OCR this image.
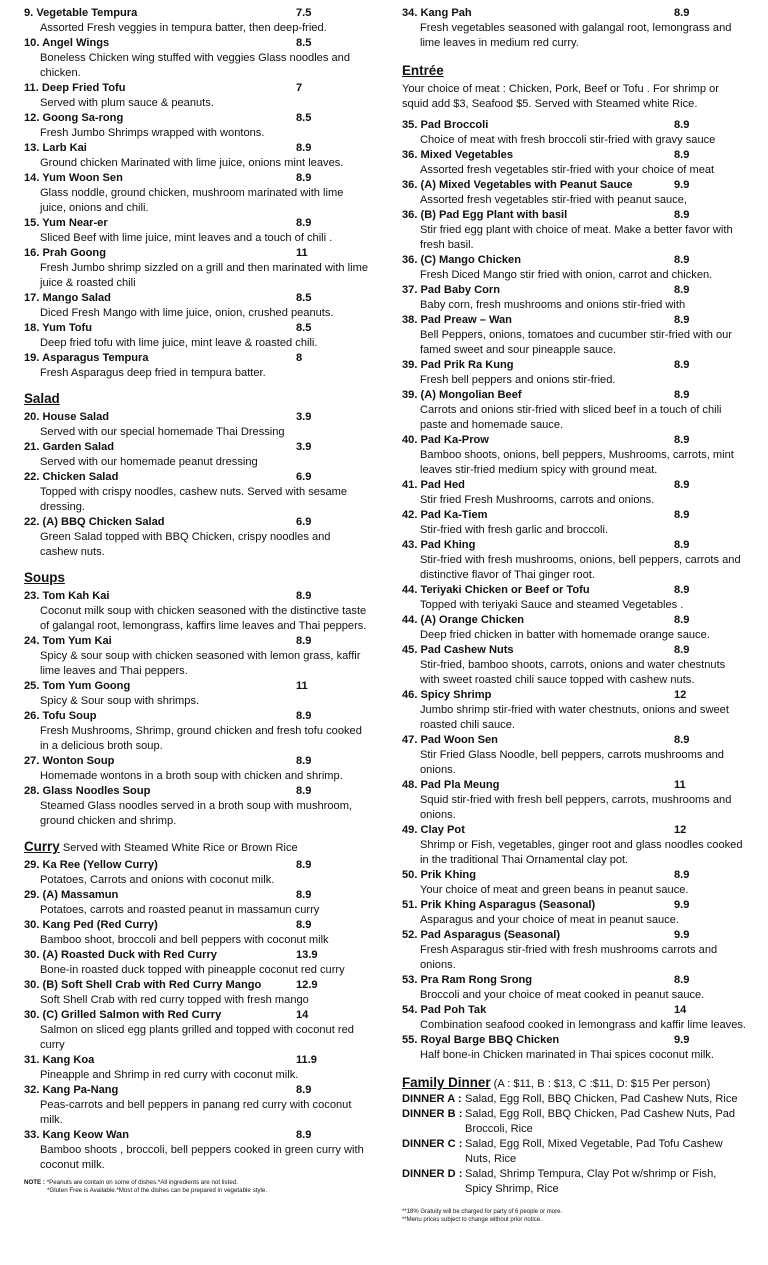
9. Vegetable Tempura	7.5
Assorted Fresh veggies in tempura batter, then deep-fried.
10. Angel Wings	8.5
Boneless Chicken wing stuffed with veggies Glass noodles and chicken.
11. Deep Fried Tofu	7
Served with plum sauce & peanuts.
12. Goong Sa-rong	8.5
Fresh Jumbo Shrimps wrapped with wontons.
13. Larb Kai	8.9
Ground chicken Marinated with lime juice, onions mint leaves.
14. Yum Woon Sen	8.9
Glass noddle, ground chicken, mushroom marinated with lime juice, onions and chili.
15. Yum Near-er	8.9
Sliced Beef with lime juice, mint leaves and a touch of chili .
16. Prah Goong	11
Fresh Jumbo shrimp sizzled on a grill and then marinated with lime juice & roasted chili
17. Mango Salad	8.5
Diced Fresh Mango with lime juice, onion, crushed peanuts.
18. Yum Tofu	8.5
Deep fried tofu with lime juice, mint leave & roasted chili.
19. Asparagus Tempura	8
Fresh Asparagus deep fried in tempura batter.
Salad
20. House Salad	3.9
Served with our special homemade Thai Dressing
21. Garden Salad	3.9
Served with our homemade peanut dressing
22. Chicken Salad	6.9
Topped with crispy noodles, cashew nuts. Served with sesame dressing.
22. (A) BBQ Chicken Salad	6.9
Green Salad topped with BBQ Chicken, crispy noodles and cashew nuts.
Soups
23. Tom Kah Kai	8.9
Coconut milk soup with chicken seasoned with the distinctive taste of galangal root, lemongrass, kaffirs lime leaves and Thai peppers.
24. Tom Yum Kai	8.9
Spicy & sour soup with chicken seasoned with lemon grass, kaffir lime leaves and Thai peppers.
25. Tom Yum Goong	11
Spicy & Sour soup with shrimps.
26. Tofu Soup	8.9
Fresh Mushrooms, Shrimp, ground chicken and fresh tofu cooked in a delicious broth soup.
27. Wonton Soup	8.9
Homemade wontons in a broth soup with chicken and shrimp.
28. Glass Noodles Soup	8.9
Steamed Glass noodles served in a broth soup with mushroom, ground chicken and shrimp.
Curry Served with Steamed White Rice or Brown Rice
29. Ka Ree (Yellow Curry)	8.9
Potatoes, Carrots and onions with coconut milk.
29. (A) Massamun	8.9
Potatoes, carrots and roasted peanut in massamun curry
30. Kang Ped (Red Curry)	8.9
Bamboo shoot, broccoli and bell peppers with coconut milk
30. (A) Roasted Duck with Red Curry	13.9
Bone-in roasted duck topped with pineapple coconut red curry
30. (B) Soft Shell Crab with Red Curry Mango	12.9
Soft Shell Crab with red curry topped with fresh mango
30. (C) Grilled Salmon with Red Curry	14
Salmon on sliced egg plants grilled and topped with coconut red curry
31. Kang Koa	11.9
Pineapple and Shrimp in red curry with coconut milk.
32. Kang Pa-Nang	8.9
Peas-carrots and bell peppers in panang red curry with coconut milk.
33. Kang Keow Wan	8.9
Bamboo shoots , broccoli, bell peppers cooked in green curry with coconut milk.
NOTE : *Peanuts are contain on some of dishes.*All ingredients are not listed.
*Gluten Free is Available.*Most of the dishes can be prepared in vegetable style.
34. Kang Pah	8.9
Fresh vegetables seasoned with galangal root, lemongrass and lime leaves in medium red curry.
Entrée
Your choice of meat : Chicken, Pork, Beef or Tofu . For shrimp or squid add $3, Seafood $5. Served with Steamed white Rice.
35. Pad Broccoli	8.9
Choice of meat with fresh broccoli stir-fried with gravy sauce
36. Mixed Vegetables	8.9
Assorted fresh vegetables stir-fried with your choice of meat
36. (A) Mixed Vegetables with Peanut Sauce	9.9
Assorted fresh vegetables stir-fried with peanut sauce,
36. (B) Pad Egg Plant with basil	8.9
Stir fried egg plant with choice of meat. Make a better favor with fresh basil.
36. (C) Mango Chicken	8.9
Fresh Diced Mango stir fried with onion, carrot and chicken.
37. Pad Baby Corn	8.9
Baby corn, fresh mushrooms and onions stir-fried with
38. Pad Preaw – Wan	8.9
Bell Peppers, onions, tomatoes and cucumber stir-fried with our famed sweet and sour pineapple sauce.
39. Pad Prik Ra Kung	8.9
Fresh bell peppers and onions stir-fried.
39. (A) Mongolian Beef	8.9
Carrots and onions stir-fried with sliced beef in a touch of chili paste and homemade sauce.
40. Pad Ka-Prow	8.9
Bamboo shoots, onions, bell peppers, Mushrooms, carrots, mint leaves stir-fried medium spicy with ground meat.
41. Pad Hed	8.9
Stir fried Fresh Mushrooms, carrots and onions.
42. Pad Ka-Tiem	8.9
Stir-fried with fresh garlic and broccoli.
43. Pad Khing	8.9
Stir-fried with fresh mushrooms, onions, bell peppers, carrots and distinctive flavor of Thai ginger root.
44. Teriyaki Chicken or Beef or Tofu	8.9
Topped with teriyaki Sauce and steamed Vegetables .
44. (A) Orange Chicken	8.9
Deep fried chicken in batter with homemade orange sauce.
45. Pad Cashew Nuts	8.9
Stir-fried, bamboo shoots, carrots, onions and water chestnuts with sweet roasted chili sauce topped with cashew nuts.
46. Spicy Shrimp	12
Jumbo shrimp stir-fried with water chestnuts, onions and sweet roasted chili sauce.
47. Pad Woon Sen	8.9
Stir Fried Glass Noodle, bell peppers, carrots mushrooms and onions.
48. Pad Pla Meung	11
Squid stir-fried with fresh bell peppers, carrots, mushrooms and onions.
49. Clay Pot	12
Shrimp or Fish, vegetables, ginger root and glass noodles cooked in the traditional Thai Ornamental clay pot.
50. Prik Khing	8.9
Your choice of meat and green beans in peanut sauce.
51. Prik Khing Asparagus (Seasonal)	9.9
Asparagus and your choice of meat in peanut sauce.
52. Pad Asparagus (Seasonal)	9.9
Fresh Asparagus stir-fried with fresh mushrooms carrots and onions.
53. Pra Ram Rong Srong	8.9
Broccoli and your choice of meat cooked in peanut sauce.
54. Pad Poh Tak	14
Combination seafood cooked in lemongrass and kaffir lime leaves.
55. Royal Barge BBQ Chicken	9.9
Half bone-in Chicken marinated in Thai spices coconut milk.
Family Dinner (A : $11, B : $13, C :$11, D: $15 Per person)
DINNER A : Salad, Egg Roll, BBQ Chicken, Pad Cashew Nuts, Rice
DINNER B : Salad, Egg Roll, BBQ Chicken, Pad Cashew Nuts, Pad Broccoli, Rice
DINNER C : Salad, Egg Roll, Mixed Vegetable, Pad Tofu Cashew Nuts, Rice
DINNER D : Salad, Shrimp Tempura, Clay Pot w/shrimp or Fish, Spicy Shrimp, Rice
**18% Gratuity will be charged for party of 6 people or more.
**Menu prices subject to change without prior notice.
